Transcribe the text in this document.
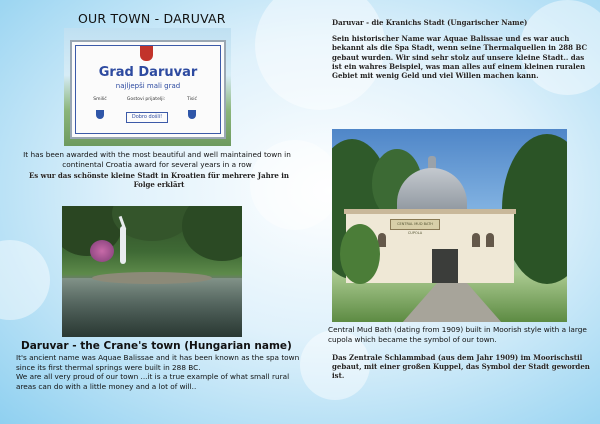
OUR TOWN - DARUVAR
Grad Daruvar
najljepši mali grad
Smilić	Gostovi prijatelji:	Tisić
Dobro došli!
It has been awarded with the most beautiful and well maintained town in continental Croatia award for several years in a row
Es wur das schönste kleine Stadt in Kroatien für mehrere Jahre in Folge erklärt
Daruvar - the Crane's town (Hungarian name)
It's ancient name was Aquae Balissae and it has been known as the spa town since its first thermal springs were built in 288 BC.
We are all very proud of our town ...it is a true example of what small rural areas can do with a little money and a lot of will..
Daruvar - die Kranichs Stadt (Ungarischer Name)
Sein historischer Name war Aquae Balissae und es war auch bekannt als die Spa Stadt, wenn seine Thermalquellen in 288 BC gebaut wurden. Wir sind sehr stolz auf unsere kleine Stadt.. das ist ein wahres Beispiel, was man alles auf einem kleinen ruralen Gebiet mit wenig Geld und viel Willen machen kann.
CENTRAL MUD BATH CUPOLA
Central Mud Bath (dating from 1909) built in Moorish style with a large cupola which became the symbol of our town.
Das Zentrale Schlammbad (aus dem Jahr 1909) im Moorischstil gebaut, mit einer großen Kuppel, das Symbol der Stadt geworden ist.
